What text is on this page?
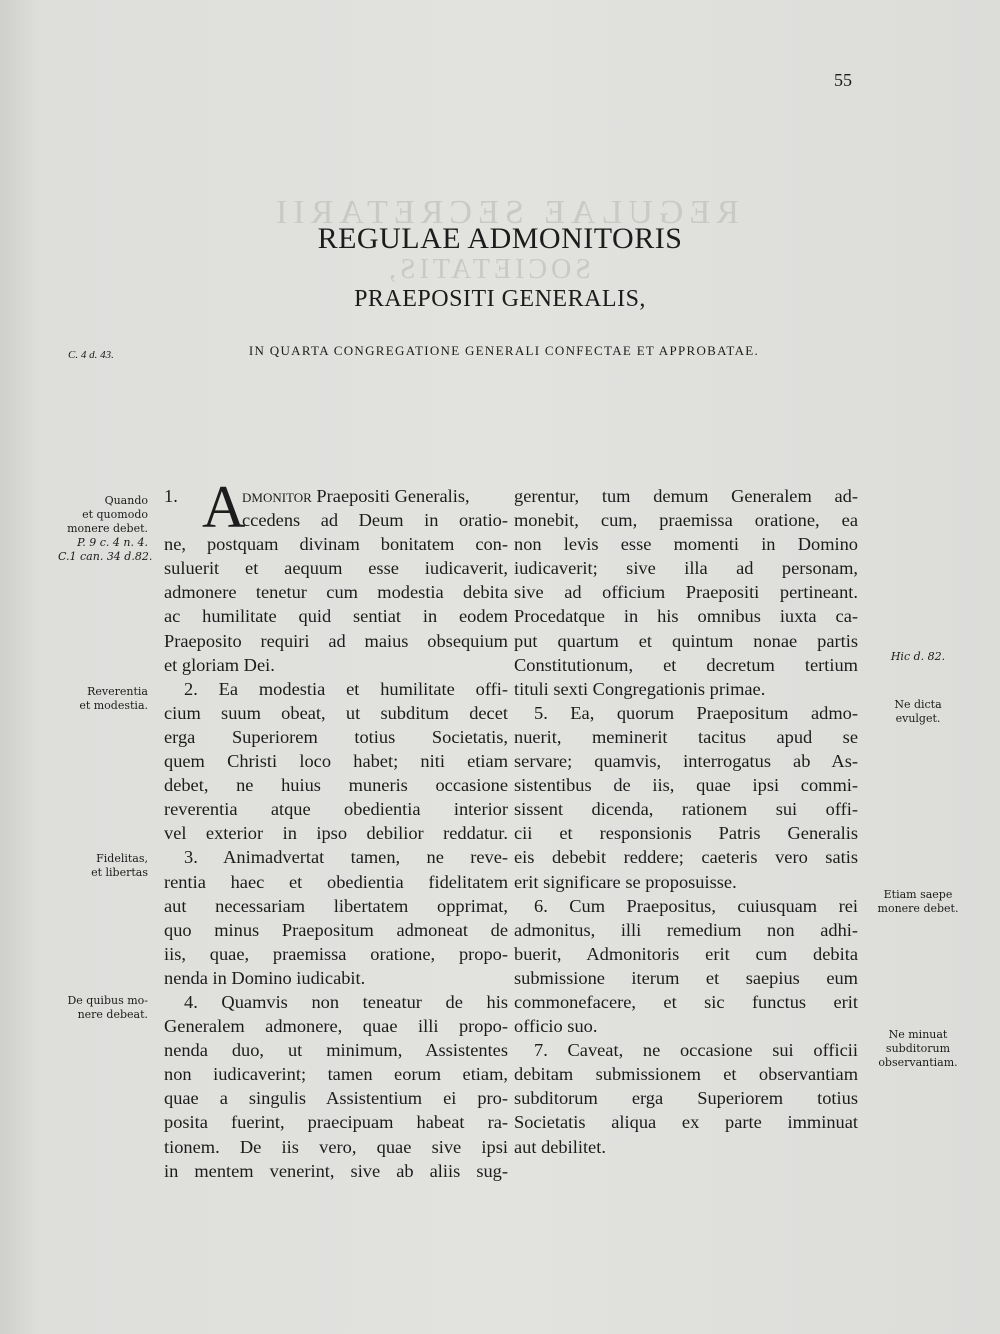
REGULAE SECRETARII
SOCIETATIS,
55
REGULAE ADMONITORIS
PRAEPOSITI GENERALIS,
C. 4 d. 43.	IN QUARTA CONGREGATIONE GENERALI CONFECTAE ET APPROBATAE.
A
1.	dmonitor Praepositi Generalis,
ccedens ad Deum in oratio-
ne, postquam divinam bonitatem con-
suluerit et aequum esse iudicaverit,
admonere tenetur cum modestia debita
ac humilitate quid sentiat in eodem
Praeposito requiri ad maius obsequium
et gloriam Dei.
2. Ea modestia et humilitate offi-
cium suum obeat, ut subditum decet
erga Superiorem totius Societatis,
quem Christi loco habet; niti etiam
debet, ne huius muneris occasione
reverentia atque obedientia interior
vel exterior in ipso debilior reddatur.
3. Animadvertat tamen, ne reve-
rentia haec et obedientia fidelitatem
aut necessariam libertatem opprimat,
quo minus Praepositum admoneat de
iis, quae, praemissa oratione, propo-
nenda in Domino iudicabit.
4. Quamvis non teneatur de his
Generalem admonere, quae illi propo-
nenda duo, ut minimum, Assistentes
non iudicaverint; tamen eorum etiam,
quae a singulis Assistentium ei pro-
posita fuerint, praecipuam habeat ra-
tionem. De iis vero, quae sive ipsi
in mentem venerint, sive ab aliis sug-
gerentur, tum demum Generalem ad-
monebit, cum, praemissa oratione, ea
non levis esse momenti in Domino
iudicaverit; sive illa ad personam,
sive ad officium Praepositi pertineant.
Procedatque in his omnibus iuxta ca-
put quartum et quintum nonae partis
Constitutionum, et decretum tertium
tituli sexti Congregationis primae.
5. Ea, quorum Praepositum admo-
nuerit, meminerit tacitus apud se
servare; quamvis, interrogatus ab As-
sistentibus de iis, quae ipsi commi-
sissent dicenda, rationem sui offi-
cii et responsionis Patris Generalis
eis debebit reddere; caeteris vero satis
erit significare se proposuisse.
6. Cum Praepositus, cuiusquam rei
admonitus, illi remedium non adhi-
buerit, Admonitoris erit cum debita
submissione iterum et saepius eum
commonefacere, et sic functus erit
officio suo.
7. Caveat, ne occasione sui officii
debitam submissionem et observantiam
subditorum erga Superiorem totius
Societatis aliqua ex parte imminuat
aut debilitet.
Quando
et quomodo
monere debet.
P. 9 c. 4 n. 4.
C.1 can. 34 d.82.
Reverentia
et modestia.
Fidelitas,
et libertas
De quibus mo-
nere debeat.
Hic d. 82.
Ne dicta
evulget.
Etiam saepe
monere debet.
Ne minuat
subditorum
observantiam.
